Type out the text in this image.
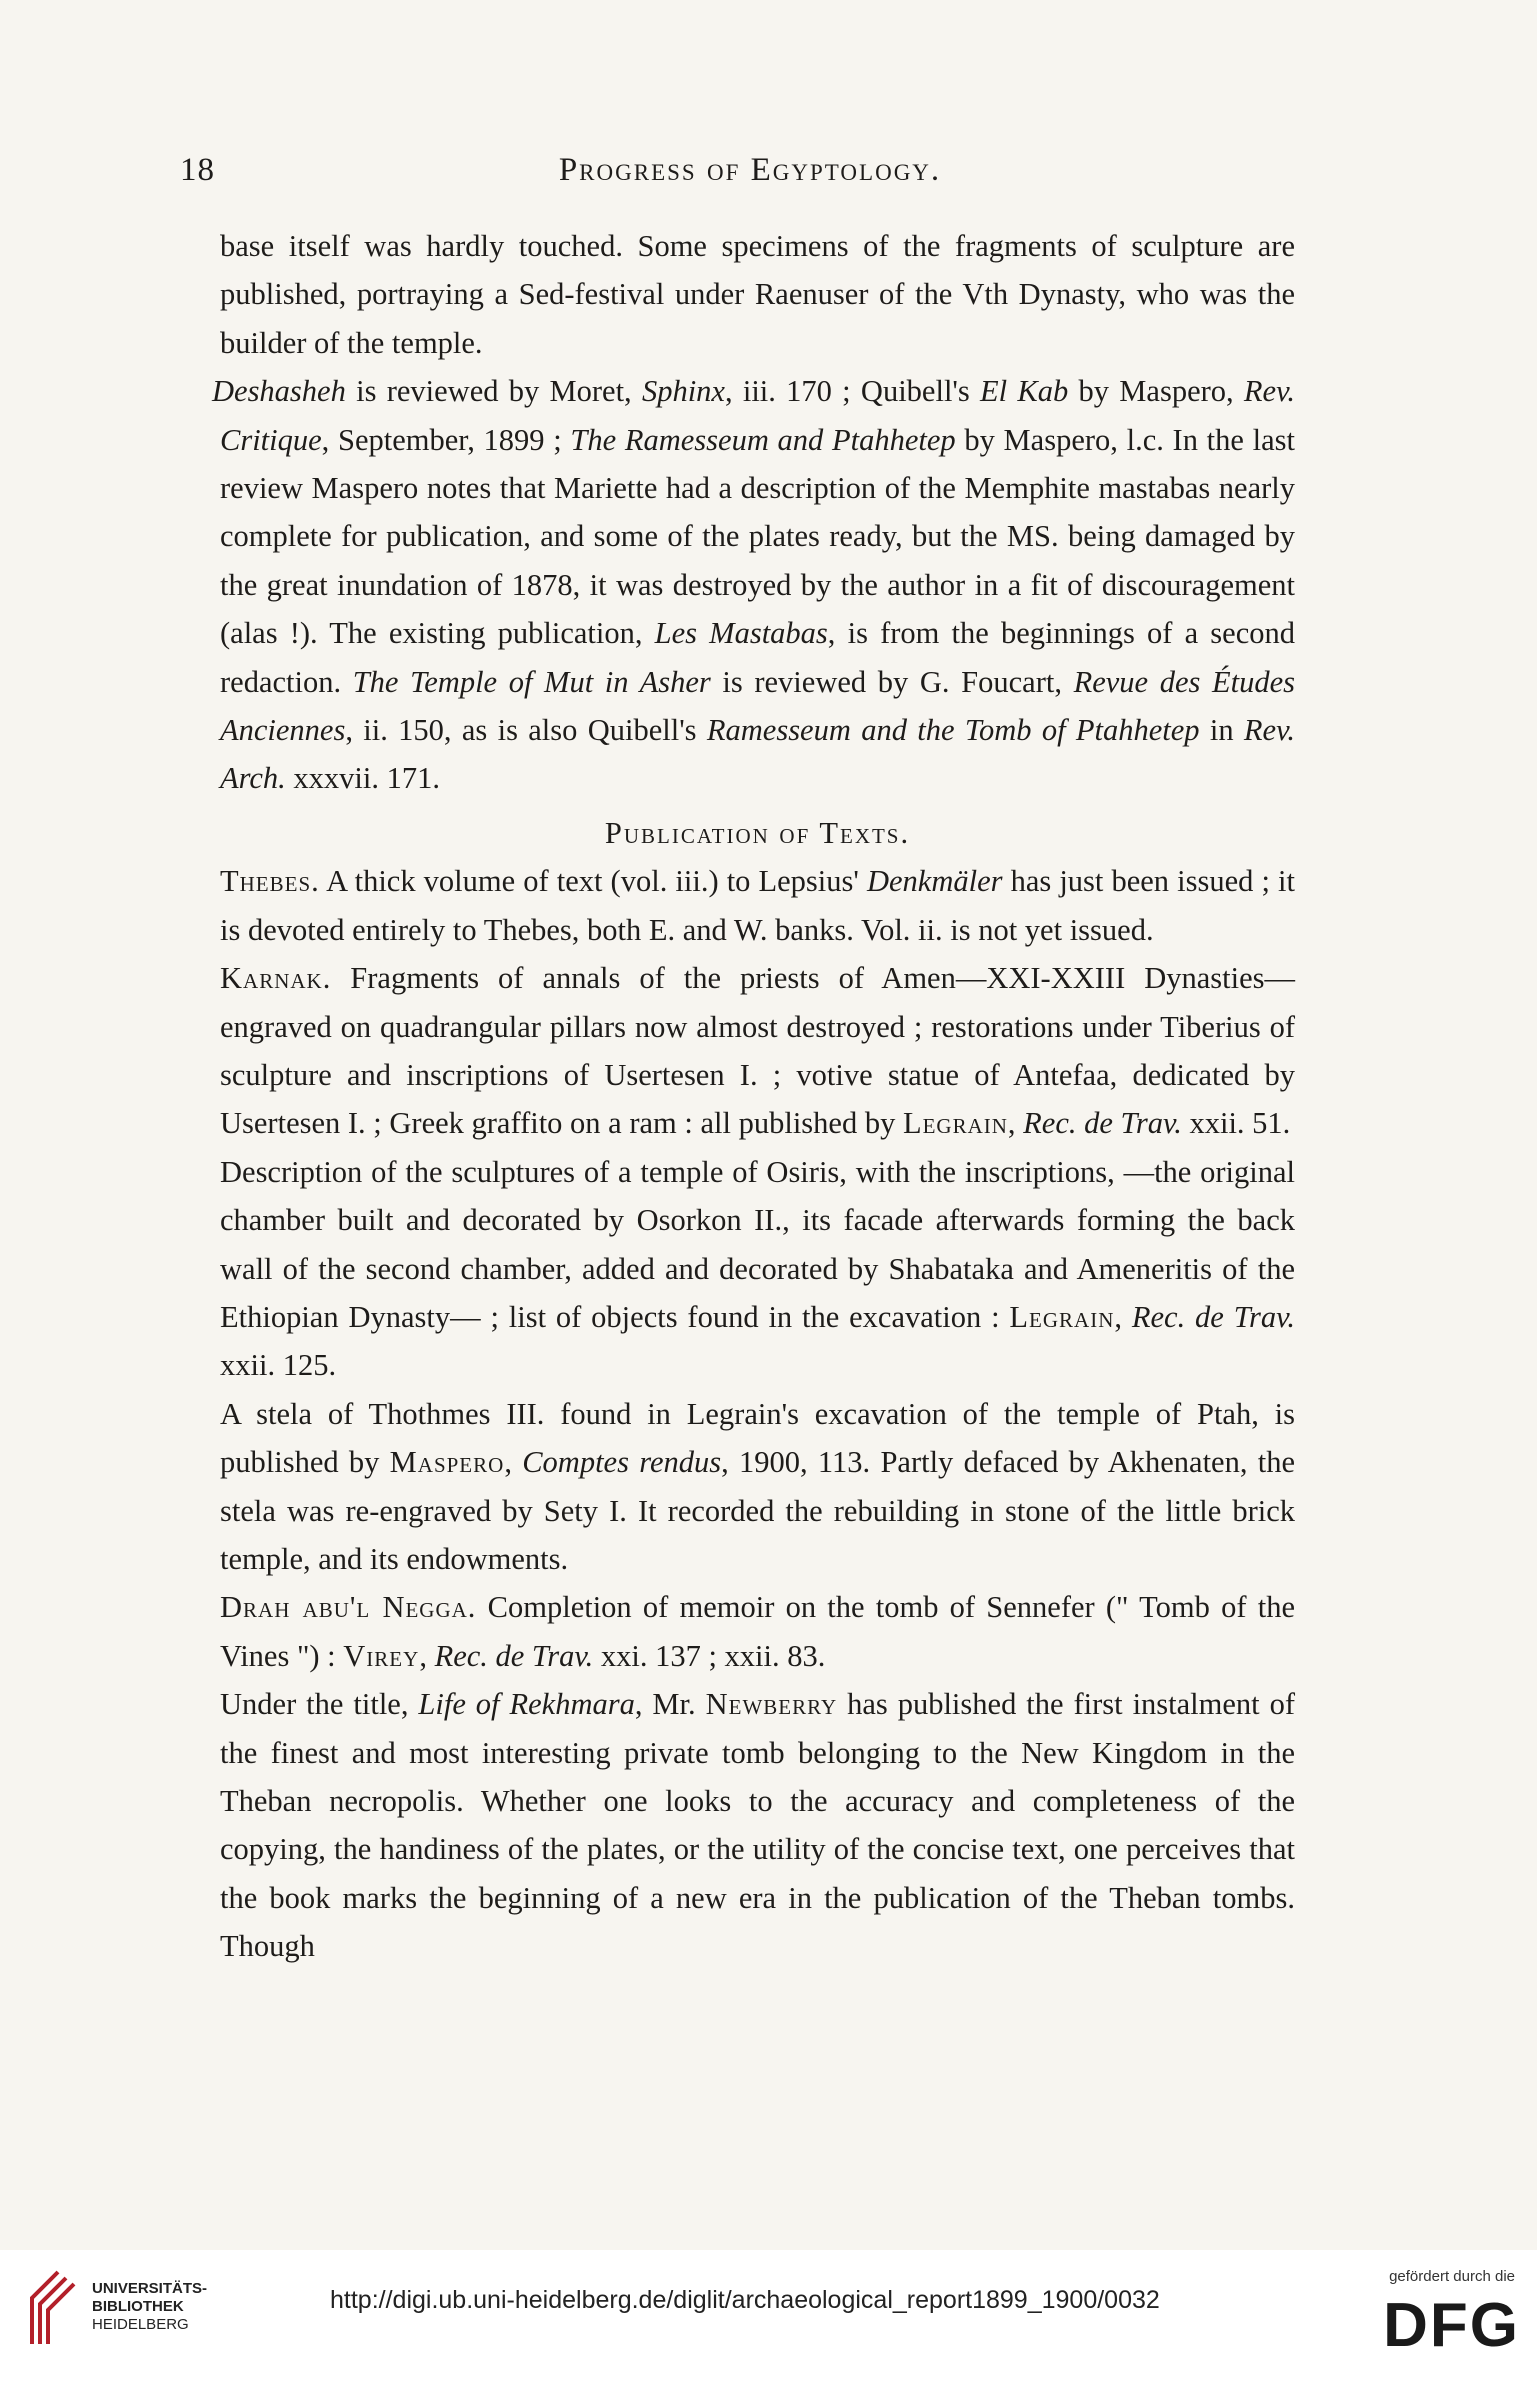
18	Progress of Egyptology.

base itself was hardly touched. Some specimens of the fragments of sculpture are published, portraying a Sed-festival under Raenuser of the Vth Dynasty, who was the builder of the temple.

Deshasheh is reviewed by Moret, Sphinx, iii. 170 ; Quibell's El Kab by Maspero, Rev. Critique, September, 1899 ; The Ramesseum and Ptahhetep by Maspero, l.c. In the last review Maspero notes that Mariette had a description of the Memphite mastabas nearly complete for publication, and some of the plates ready, but the MS. being damaged by the great inundation of 1878, it was destroyed by the author in a fit of discouragement (alas !). The existing publication, Les Mastabas, is from the beginnings of a second redaction. The Temple of Mut in Asher is reviewed by G. Foucart, Revue des Études Anciennes, ii. 150, as is also Quibell's Ramesseum and the Tomb of Ptahhetep in Rev. Arch. xxxvii. 171.

Publication of Texts.

Thebes. A thick volume of text (vol. iii.) to Lepsius' Denkmäler has just been issued ; it is devoted entirely to Thebes, both E. and W. banks. Vol. ii. is not yet issued.

Karnak. Fragments of annals of the priests of Amen—XXI-XXIII Dynasties—engraved on quadrangular pillars now almost destroyed ; restorations under Tiberius of sculpture and inscriptions of Usertesen I. ; votive statue of Antefaa, dedicated by Usertesen I. ; Greek graffito on a ram : all published by Legrain, Rec. de Trav. xxii. 51.

Description of the sculptures of a temple of Osiris, with the inscriptions, —the original chamber built and decorated by Osorkon II., its facade afterwards forming the back wall of the second chamber, added and decorated by Shabataka and Ameneritis of the Ethiopian Dynasty— ; list of objects found in the excavation : Legrain, Rec. de Trav. xxii. 125.

A stela of Thothmes III. found in Legrain's excavation of the temple of Ptah, is published by Maspero, Comptes rendus, 1900, 113. Partly defaced by Akhenaten, the stela was re-engraved by Sety I. It recorded the rebuilding in stone of the little brick temple, and its endowments.

Drah abu'l Negga. Completion of memoir on the tomb of Sennefer (" Tomb of the Vines ") : Virey, Rec. de Trav. xxi. 137 ; xxii. 83.

Under the title, Life of Rekhmara, Mr. Newberry has published the first instalment of the finest and most interesting private tomb belonging to the New Kingdom in the Theban necropolis. Whether one looks to the accuracy and completeness of the copying, the handiness of the plates, or the utility of the concise text, one perceives that the book marks the beginning of a new era in the publication of the Theban tombs. Though

UNIVERSITÄTS-
BIBLIOTHEK
HEIDELBERG
http://digi.ub.uni-heidelberg.de/diglit/archaeological_report1899_1900/0032
gefördert durch die
DFG
